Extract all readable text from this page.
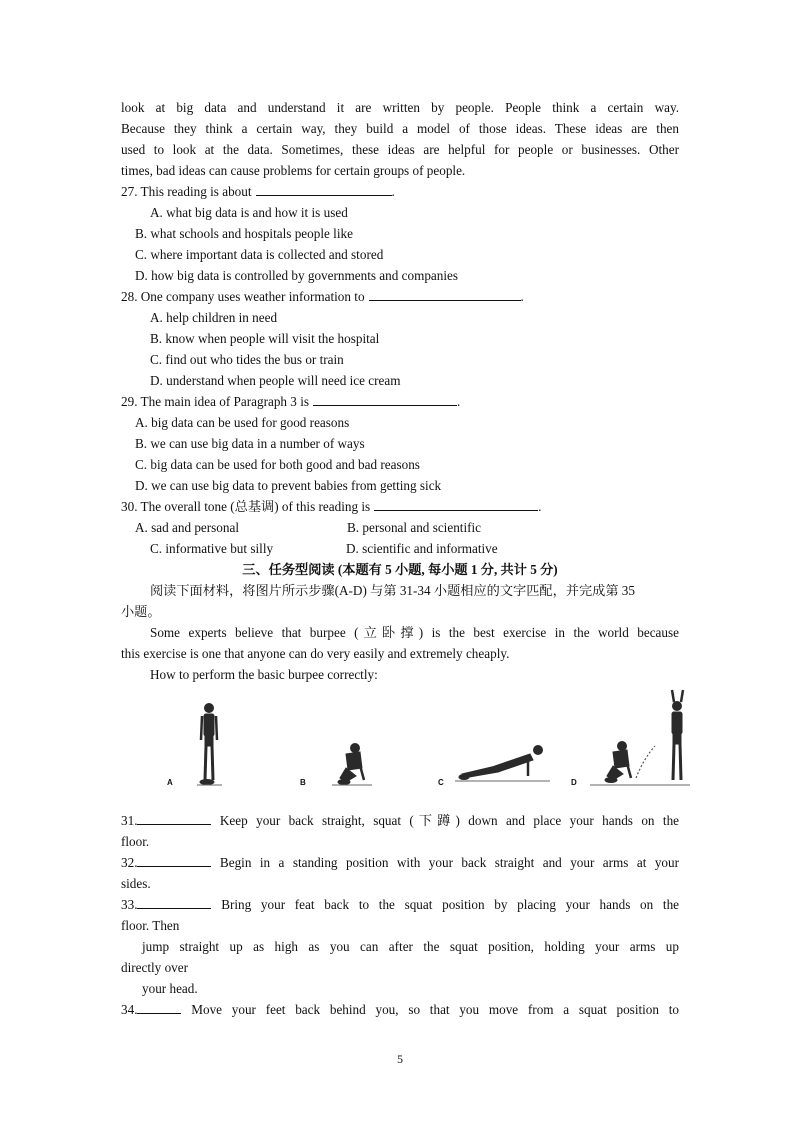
look at big data and understand it are written by people. People think a certain way.
Because they think a certain way, they build a model of those ideas. These ideas are then
used to look at the data. Sometimes, these ideas are helpful for people or businesses. Other
times, bad ideas can cause problems for certain groups of people.
27. This reading is about	.
A. what big data is and how it is used
B. what schools and hospitals people like
C. where important data is collected and stored
D. how big data is controlled by governments and companies
28. One company uses weather information to	.
A. help children in need
B. know when people will visit the hospital
C. find out who tides the bus or train
D. understand when people will need ice cream
29. The main idea of Paragraph 3 is	.
A. big data can be used for good reasons
B. we can use big data in a number of ways
C. big data can be used for both good and bad reasons
D. we can use big data to prevent babies from getting sick
30. The overall tone (总基调) of this reading is	.
A. sad and personal	B. personal and scientific
C. informative but silly	D. scientific and informative
三、任务型阅读 (本题有 5 小题, 每小题 1 分, 共计 5 分)
阅读下面材料，将图片所示步骤(A-D) 与第 31-34 小题相应的文字匹配，并完成第 35
小题。
Some experts believe that burpee (立卧撑) is the best exercise in the world because
this exercise is one that anyone can do very easily and extremely cheaply.
How to perform the basic burpee correctly:
A	B	C	D
31.	Keep your back straight, squat (下蹲) down and place your hands on the
floor.
32.	Begin in a standing position with your back straight and your arms at your
sides.
33.	Bring your feat back to the squat position by placing your hands on the
floor. Then
jump straight up as high as you can after the squat position, holding your arms up
directly over
your head.
34.	Move your feet back behind you, so that you move from a squat position to
5
